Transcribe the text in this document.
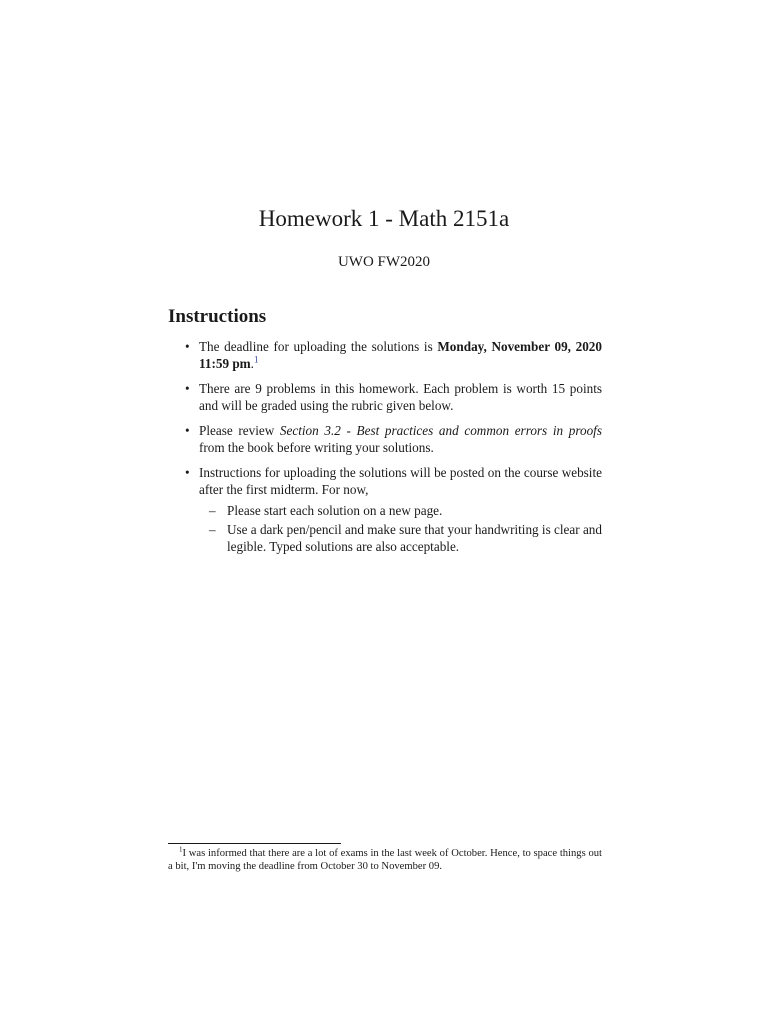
Homework 1 - Math 2151a

UWO FW2020

Instructions
• The deadline for uploading the solutions is Monday, November 09, 2020 11:59 pm.$^1$
• There are 9 problems in this homework. Each problem is worth 15 points and will be graded using the rubric given below.
• Please review Section 3.2 - Best practices and common errors in proofs from the book before writing your solutions.
• Instructions for uploading the solutions will be posted on the course website after the first midterm. For now,
– Please start each solution on a new page.
– Use a dark pen/pencil and make sure that your handwriting is clear and legible. Typed solutions are also acceptable.

$^1$I was informed that there are a lot of exams in the last week of October. Hence, to space things out a bit, I'm moving the deadline from October 30 to November 09.
